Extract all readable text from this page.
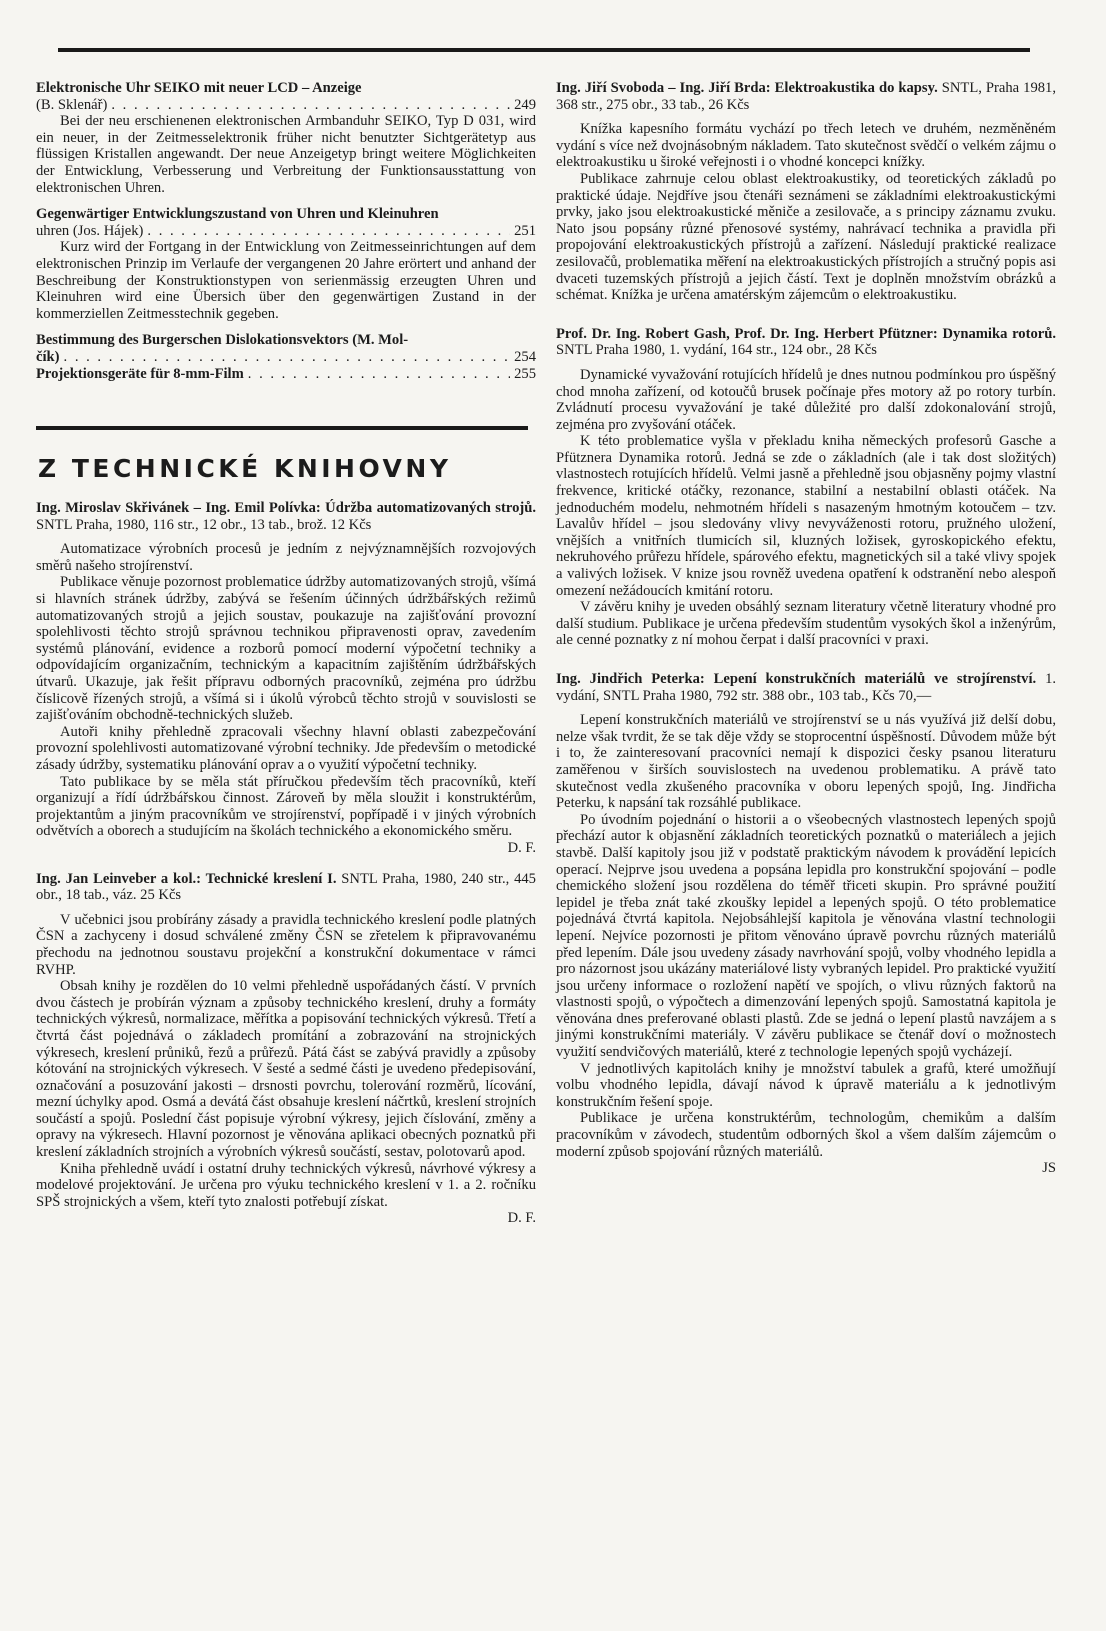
Elektronische Uhr SEIKO mit neuer LCD – Anzeige
(B. Sklenář) . . .	249

Bei der neu erschienenen elektronischen Armbanduhr SEIKO, Typ D 031, wird ein neuer, in der Zeitmesselektronik früher nicht benutzter Sichtgerätetyp aus flüssigen Kristallen angewandt. Der neue Anzeigetyp bringt weitere Möglichkeiten der Entwicklung, Verbesserung und Verbreitung der Funktionsausstattung von elektronischen Uhren.

Gegenwärtiger Entwicklungszustand von Uhren und Kleinuhren
uhren (Jos. Hájek) . . .	251

Kurz wird der Fortgang in der Entwicklung von Zeitmesseinrichtungen auf dem elektronischen Prinzip im Verlaufe der vergangenen 20 Jahre erörtert und anhand der Beschreibung der Konstruktionstypen von serienmässig erzeugten Uhren und Kleinuhren wird eine Übersich über den gegenwärtigen Zustand in der kommerziellen Zeitmesstechnik gegeben.

Bestimmung des Burgerschen Dislokationsvektors (M. Mol-
čík) . . .	254
Projektionsgeräte für 8-mm-Film . . .	255
Z TECHNICKÉ KNIHOVNY
Ing. Miroslav Skřivánek – Ing. Emil Polívka: Údržba automatizovaných strojů. SNTL Praha, 1980, 116 str., 12 obr., 13 tab., brož. 12 Kčs

Automatizace výrobních procesů je jedním z nejvýznamnějších rozvojových směrů našeho strojírenství.

Publikace věnuje pozornost problematice údržby automatizovaných strojů, všímá si hlavních stránek údržby, zabývá se řešením účinných údržbářských režimů automatizovaných strojů a jejich soustav, poukazuje na zajišťování provozní spolehlivosti těchto strojů správnou technikou připravenosti oprav, zavedením systémů plánování, evidence a rozborů pomocí moderní výpočetní techniky a odpovídajícím organizačním, technickým a kapacitním zajištěním údržbářských útvarů. Ukazuje, jak řešit přípravu odborných pracovníků, zejména pro údržbu číslicově řízených strojů, a všímá si i úkolů výrobců těchto strojů v souvislosti se zajišťováním obchodně-technických služeb.

Autoři knihy přehledně zpracovali všechny hlavní oblasti zabezpečování provozní spolehlivosti automatizované výrobní techniky. Jde především o metodické zásady údržby, systematiku plánování oprav a o využití výpočetní techniky.

Tato publikace by se měla stát příručkou především těch pracovníků, kteří organizují a řídí údržbářskou činnost. Zároveň by měla sloužit i konstruktérům, projektantům a jiným pracovníkům ve strojírenství, popřípadě i v jiných výrobních odvětvích a oborech a studujícím na školách technického a ekonomického směru.

D. F.
Ing. Jan Leinveber a kol.: Technické kreslení I. SNTL Praha, 1980, 240 str., 445 obr., 18 tab., váz. 25 Kčs

V učebnici jsou probírány zásady a pravidla technického kreslení podle platných ČSN a zachyceny i dosud schválené změny ČSN se zřetelem k připravovanému přechodu na jednotnou soustavu projekční a konstrukční dokumentace v rámci RVHP.

Obsah knihy je rozdělen do 10 velmi přehledně uspořádaných částí. V prvních dvou částech je probírán význam a způsoby technického kreslení, druhy a formáty technických výkresů, normalizace, měřítka a popisování technických výkresů. Třetí a čtvrtá část pojednává o základech promítání a zobrazování na strojnických výkresech, kreslení průniků, řezů a průřezů. Pátá část se zabývá pravidly a způsoby kótování na strojnických výkresech. V šesté a sedmé části je uvedeno předepisování, označování a posuzování jakosti – drsnosti povrchu, tolerování rozměrů, lícování, mezní úchylky apod. Osmá a devátá část obsahuje kreslení náčrtků, kreslení strojních součástí a spojů. Poslední část popisuje výrobní výkresy, jejich číslování, změny a opravy na výkresech. Hlavní pozornost je věnována aplikaci obecných poznatků při kreslení základních strojních a výrobních výkresů součástí, sestav, polotovarů apod.

Kniha přehledně uvádí i ostatní druhy technických výkresů, návrhové výkresy a modelové projektování. Je určena pro výuku technického kreslení v 1. a 2. ročníku SPŠ strojnických a všem, kteří tyto znalosti potřebují získat.

D. F.
Ing. Jiří Svoboda – Ing. Jiří Brda: Elektroakustika do kapsy. SNTL, Praha 1981, 368 str., 275 obr., 33 tab., 26 Kčs

Knížka kapesního formátu vychází po třech letech ve druhém, nezměněném vydání s více než dvojnásobným nákladem. Tato skutečnost svědčí o velkém zájmu o elektroakustiku u široké veřejnosti i o vhodné koncepci knížky.

Publikace zahrnuje celou oblast elektroakustiky, od teoretických základů po praktické údaje. Nejdříve jsou čtenáři seznámeni se základními elektroakustickými prvky, jako jsou elektroakustické měniče a zesilovače, a s principy záznamu zvuku. Nato jsou popsány různé přenosové systémy, nahrávací technika a pravidla při propojování elektroakustických přístrojů a zařízení. Následují praktické realizace zesilovačů, problematika měření na elektroakustických přístrojích a stručný popis asi dvaceti tuzemských přístrojů a jejich částí. Text je doplněn množstvím obrázků a schémat. Knížka je určena amatérským zájemcům o elektroakustiku.

Prof. Dr. Ing. Robert Gash, Prof. Dr. Ing. Herbert Pfützner: Dynamika rotorů. SNTL Praha 1980, 1. vydání, 164 str., 124 obr., 28 Kčs

Dynamické vyvažování rotujících hřídelů je dnes nutnou podmínkou pro úspěšný chod mnoha zařízení, od kotoučů brusek počínaje přes motory až po rotory turbín. Zvládnutí procesu vyvažování je také důležité pro další zdokonalování strojů, zejména pro zvyšování otáček.

K této problematice vyšla v překladu kniha německých profesorů Gasche a Pfütznera Dynamika rotorů. Jedná se zde o základních (ale i tak dost složitých) vlastnostech rotujících hřídelů. Velmi jasně a přehledně jsou objasněny pojmy vlastní frekvence, kritické otáčky, rezonance, stabilní a nestabilní oblasti otáček. Na jednoduchém modelu, nehmotném hřídeli s nasazeným hmotným kotoučem – tzv. Lavalův hřídel – jsou sledovány vlivy nevyváženosti rotoru, pružného uložení, vnějších a vnitřních tlumicích sil, kluzných ložisek, gyroskopického efektu, nekruhového průřezu hřídele, spárového efektu, magnetických sil a také vlivy spojek a valivých ložisek. V knize jsou rovněž uvedena opatření k odstranění nebo alespoň omezení nežádoucích kmitání rotoru.

V závěru knihy je uveden obsáhlý seznam literatury včetně literatury vhodné pro další studium. Publikace je určena především studentům vysokých škol a inženýrům, ale cenné poznatky z ní mohou čerpat i další pracovníci v praxi.

Ing. Jindřich Peterka: Lepení konstrukčních materiálů ve strojírenství. 1. vydání, SNTL Praha 1980, 792 str. 388 obr., 103 tab., Kčs 70,—

Lepení konstrukčních materiálů ve strojírenství se u nás využívá již delší dobu, nelze však tvrdit, že se tak děje vždy se stoprocentní úspěšností. Důvodem může být i to, že zainteresovaní pracovníci nemají k dispozici česky psanou literaturu zaměřenou v širších souvislostech na uvedenou problematiku. A právě tato skutečnost vedla zkušeného pracovníka v oboru lepených spojů, Ing. Jindřicha Peterku, k napsání tak rozsáhlé publikace.

Po úvodním pojednání o historii a o všeobecných vlastnostech lepených spojů přechází autor k objasnění základních teoretických poznatků o materiálech a jejich stavbě. Další kapitoly jsou již v podstatě praktickým návodem k provádění lepicích operací. Nejprve jsou uvedena a popsána lepidla pro konstrukční spojování – podle chemického složení jsou rozdělena do téměř třiceti skupin. Pro správné použití lepidel je třeba znát také zkoušky lepidel a lepených spojů. O této problematice pojednává čtvrtá kapitola. Nejobsáhlejší kapitola je věnována vlastní technologii lepení. Nejvíce pozornosti je přitom věnováno úpravě povrchu různých materiálů před lepením. Dále jsou uvedeny zásady navrhování spojů, volby vhodného lepidla a pro názornost jsou ukázány materiálové listy vybraných lepidel. Pro praktické využití jsou určeny informace o rozložení napětí ve spojích, o vlivu různých faktorů na vlastnosti spojů, o výpočtech a dimenzování lepených spojů. Samostatná kapitola je věnována dnes preferované oblasti plastů. Zde se jedná o lepení plastů navzájem a s jinými konstrukčními materiály. V závěru publikace se čtenář doví o možnostech využití sendvičových materiálů, které z technologie lepených spojů vycházejí.

V jednotlivých kapitolách knihy je množství tabulek a grafů, které umožňují volbu vhodného lepidla, dávají návod k úpravě materiálu a k jednotlivým konstrukčním řešení spoje.

Publikace je určena konstruktérům, technologům, chemikům a dalším pracovníkům v závodech, studentům odborných škol a všem dalším zájemcům o moderní způsob spojování různých materiálů.

JS
